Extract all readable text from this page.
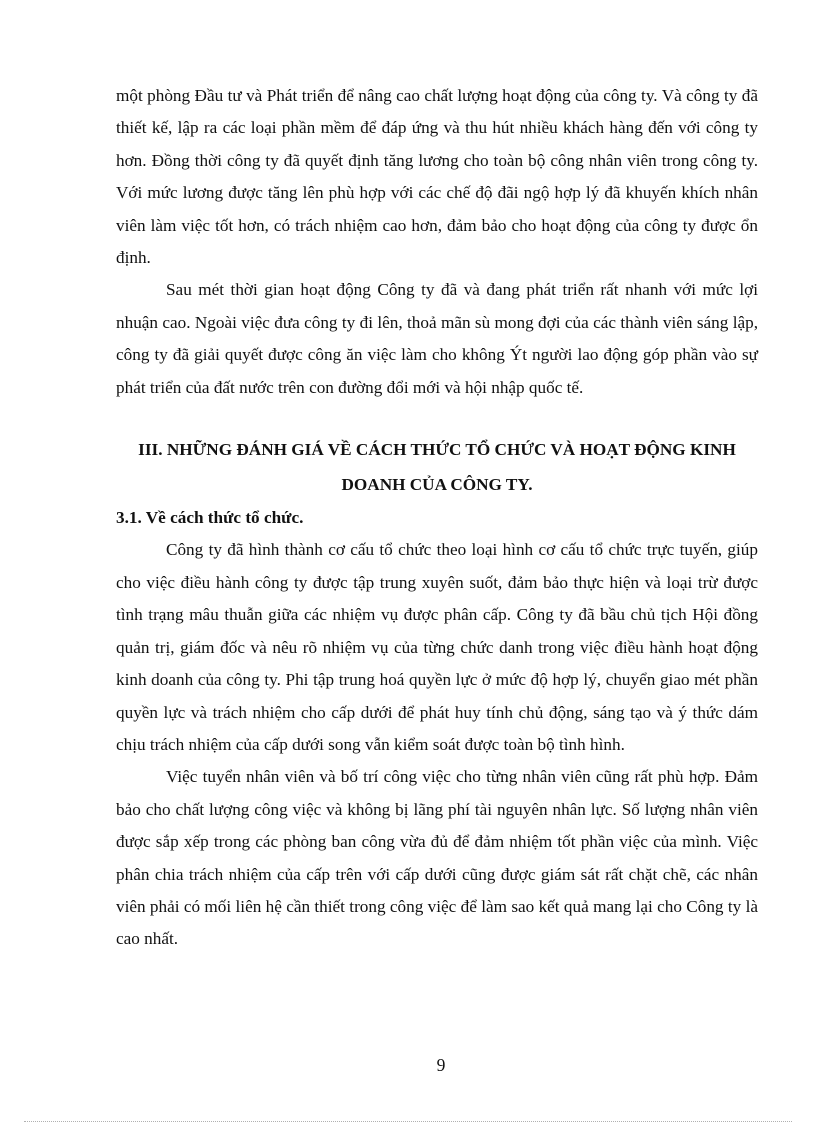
một phòng Đầu tư và Phát triển để nâng cao chất lượng hoạt động của công ty. Và công ty đã thiết kế, lập ra các loại phần mềm để đáp ứng và thu hút nhiều khách hàng đến với công ty hơn. Đồng thời công ty đã quyết định tăng lương cho toàn bộ công nhân viên trong công ty. Với mức lương được tăng lên phù hợp với các chế độ đãi ngộ hợp lý đã khuyến khích nhân viên làm việc tốt hơn, có trách nhiệm cao hơn, đảm bảo cho hoạt động của công ty được ổn định.

Sau mét thời gian hoạt động Công ty đã và đang phát triển rất nhanh với mức lợi nhuận cao. Ngoài việc đưa công ty đi lên, thoả mãn sù mong đợi của các thành viên sáng lập, công ty đã giải quyết được công ăn việc làm cho không Ýt người lao động góp phần vào sự phát triển của đất nước trên con đường đổi mới và hội nhập quốc tế.

III. NHỮNG ĐÁNH GIÁ VỀ CÁCH THỨC TỔ CHỨC VÀ HOẠT ĐỘNG KINH DOANH CỦA CÔNG TY.

3.1. Về cách thức tổ chức.

Công ty đã hình thành cơ cấu tổ chức theo loại hình cơ cấu tổ chức trực tuyến, giúp cho việc điều hành công ty được tập trung xuyên suốt, đảm bảo thực hiện và loại trừ được tình trạng mâu thuẫn giữa các nhiệm vụ được phân cấp. Công ty đã bầu chủ tịch Hội đồng quản trị, giám đốc và nêu rõ nhiệm vụ của từng chức danh trong việc điều hành hoạt động kinh doanh của công ty. Phi tập trung hoá quyền lực ở mức độ hợp lý, chuyển giao mét phần quyền lực và trách nhiệm cho cấp dưới để phát huy tính chủ động, sáng tạo và ý thức dám chịu trách nhiệm của cấp dưới song vẫn kiểm soát được toàn bộ tình hình.

Việc tuyển nhân viên và bố trí công việc cho từng nhân viên cũng rất phù hợp. Đảm bảo cho chất lượng công việc và không bị lãng phí tài nguyên nhân lực. Số lượng nhân viên được sắp xếp trong các phòng ban công vừa đủ để đảm nhiệm tốt phần việc của mình. Việc phân chia trách nhiệm của cấp trên với cấp dưới cũng được giám sát rất chặt chẽ, các nhân viên phải có mối liên hệ cần thiết trong công việc để làm sao kết quả mang lại cho Công ty là cao nhất.

9
